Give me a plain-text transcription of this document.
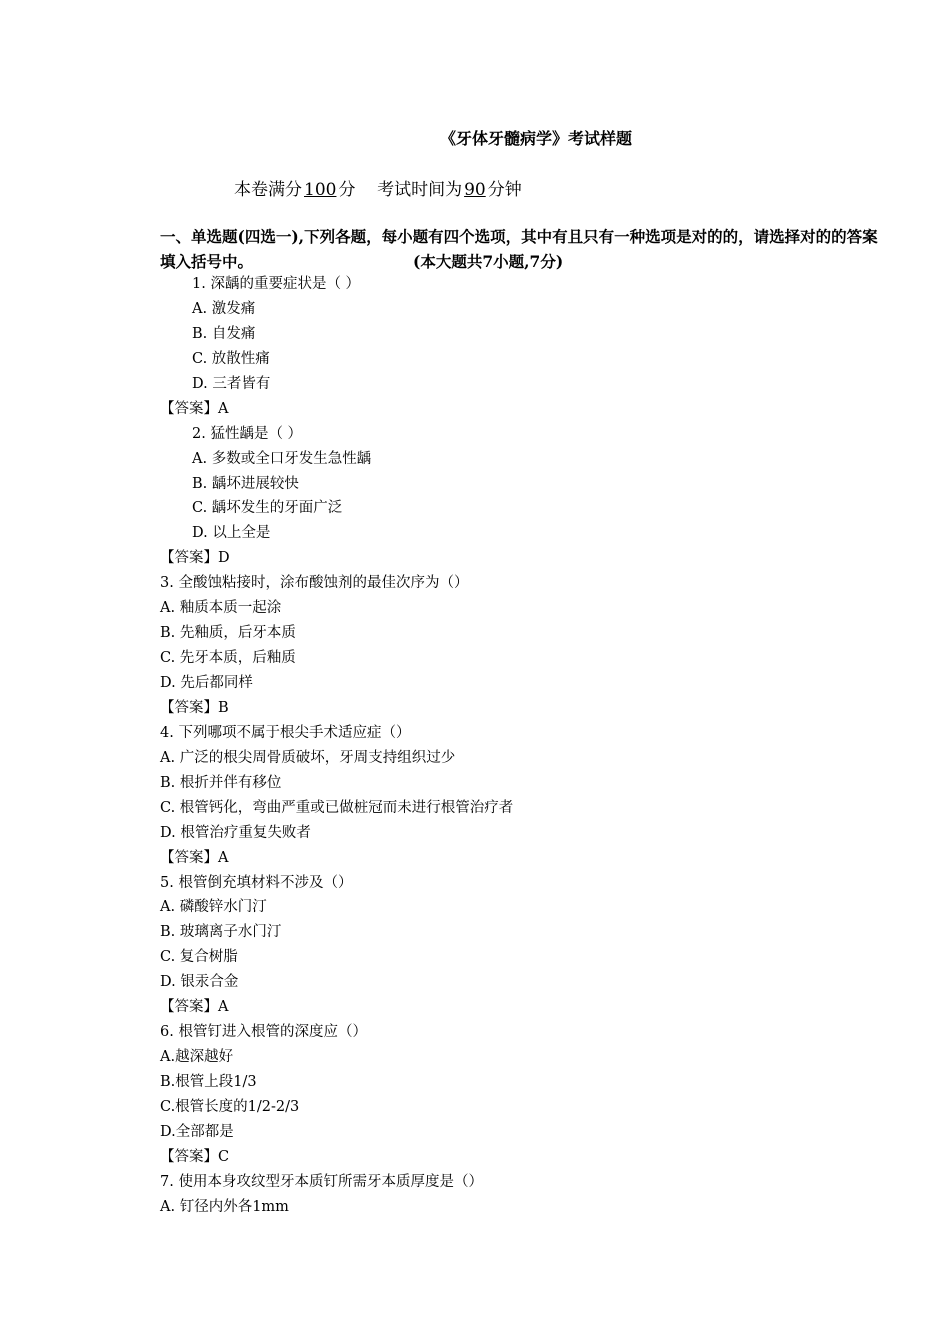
《牙体牙髓病学》考试样题
本卷满分 100 分    考试时间为 90 分钟
一、单选题(四选一),下列各题，每小题有四个选项，其中有且只有一种选项是对的的，请选择对的的答案填入括号中。	(本大题共7小题,7分)
1. 深龋的重要症状是（ ）
A. 激发痛
B. 自发痛
C. 放散性痛
D. 三者皆有
【答案】A
2. 猛性龋是（ ）
A. 多数或全口牙发生急性龋
B. 龋坏进展较快
C. 龋坏发生的牙面广泛
D. 以上全是
【答案】D
3. 全酸蚀粘接时，涂布酸蚀剂的最佳次序为（）
A. 釉质本质一起涂
B. 先釉质，后牙本质
C. 先牙本质，后釉质
D. 先后都同样
【答案】B
4. 下列哪项不属于根尖手术适应症（）
A. 广泛的根尖周骨质破坏，牙周支持组织过少
B. 根折并伴有移位
C. 根管钙化，弯曲严重或已做桩冠而未进行根管治疗者
D. 根管治疗重复失败者
【答案】A
5. 根管倒充填材料不涉及（）
A. 磷酸锌水门汀
B. 玻璃离子水门汀
C. 复合树脂
D. 银汞合金
【答案】A
6. 根管钉进入根管的深度应（）
A.越深越好
B.根管上段1/3
C.根管长度的1/2-2/3
D.全部都是
【答案】C
7. 使用本身攻纹型牙本质钉所需牙本质厚度是（）
A. 钉径内外各1mm
